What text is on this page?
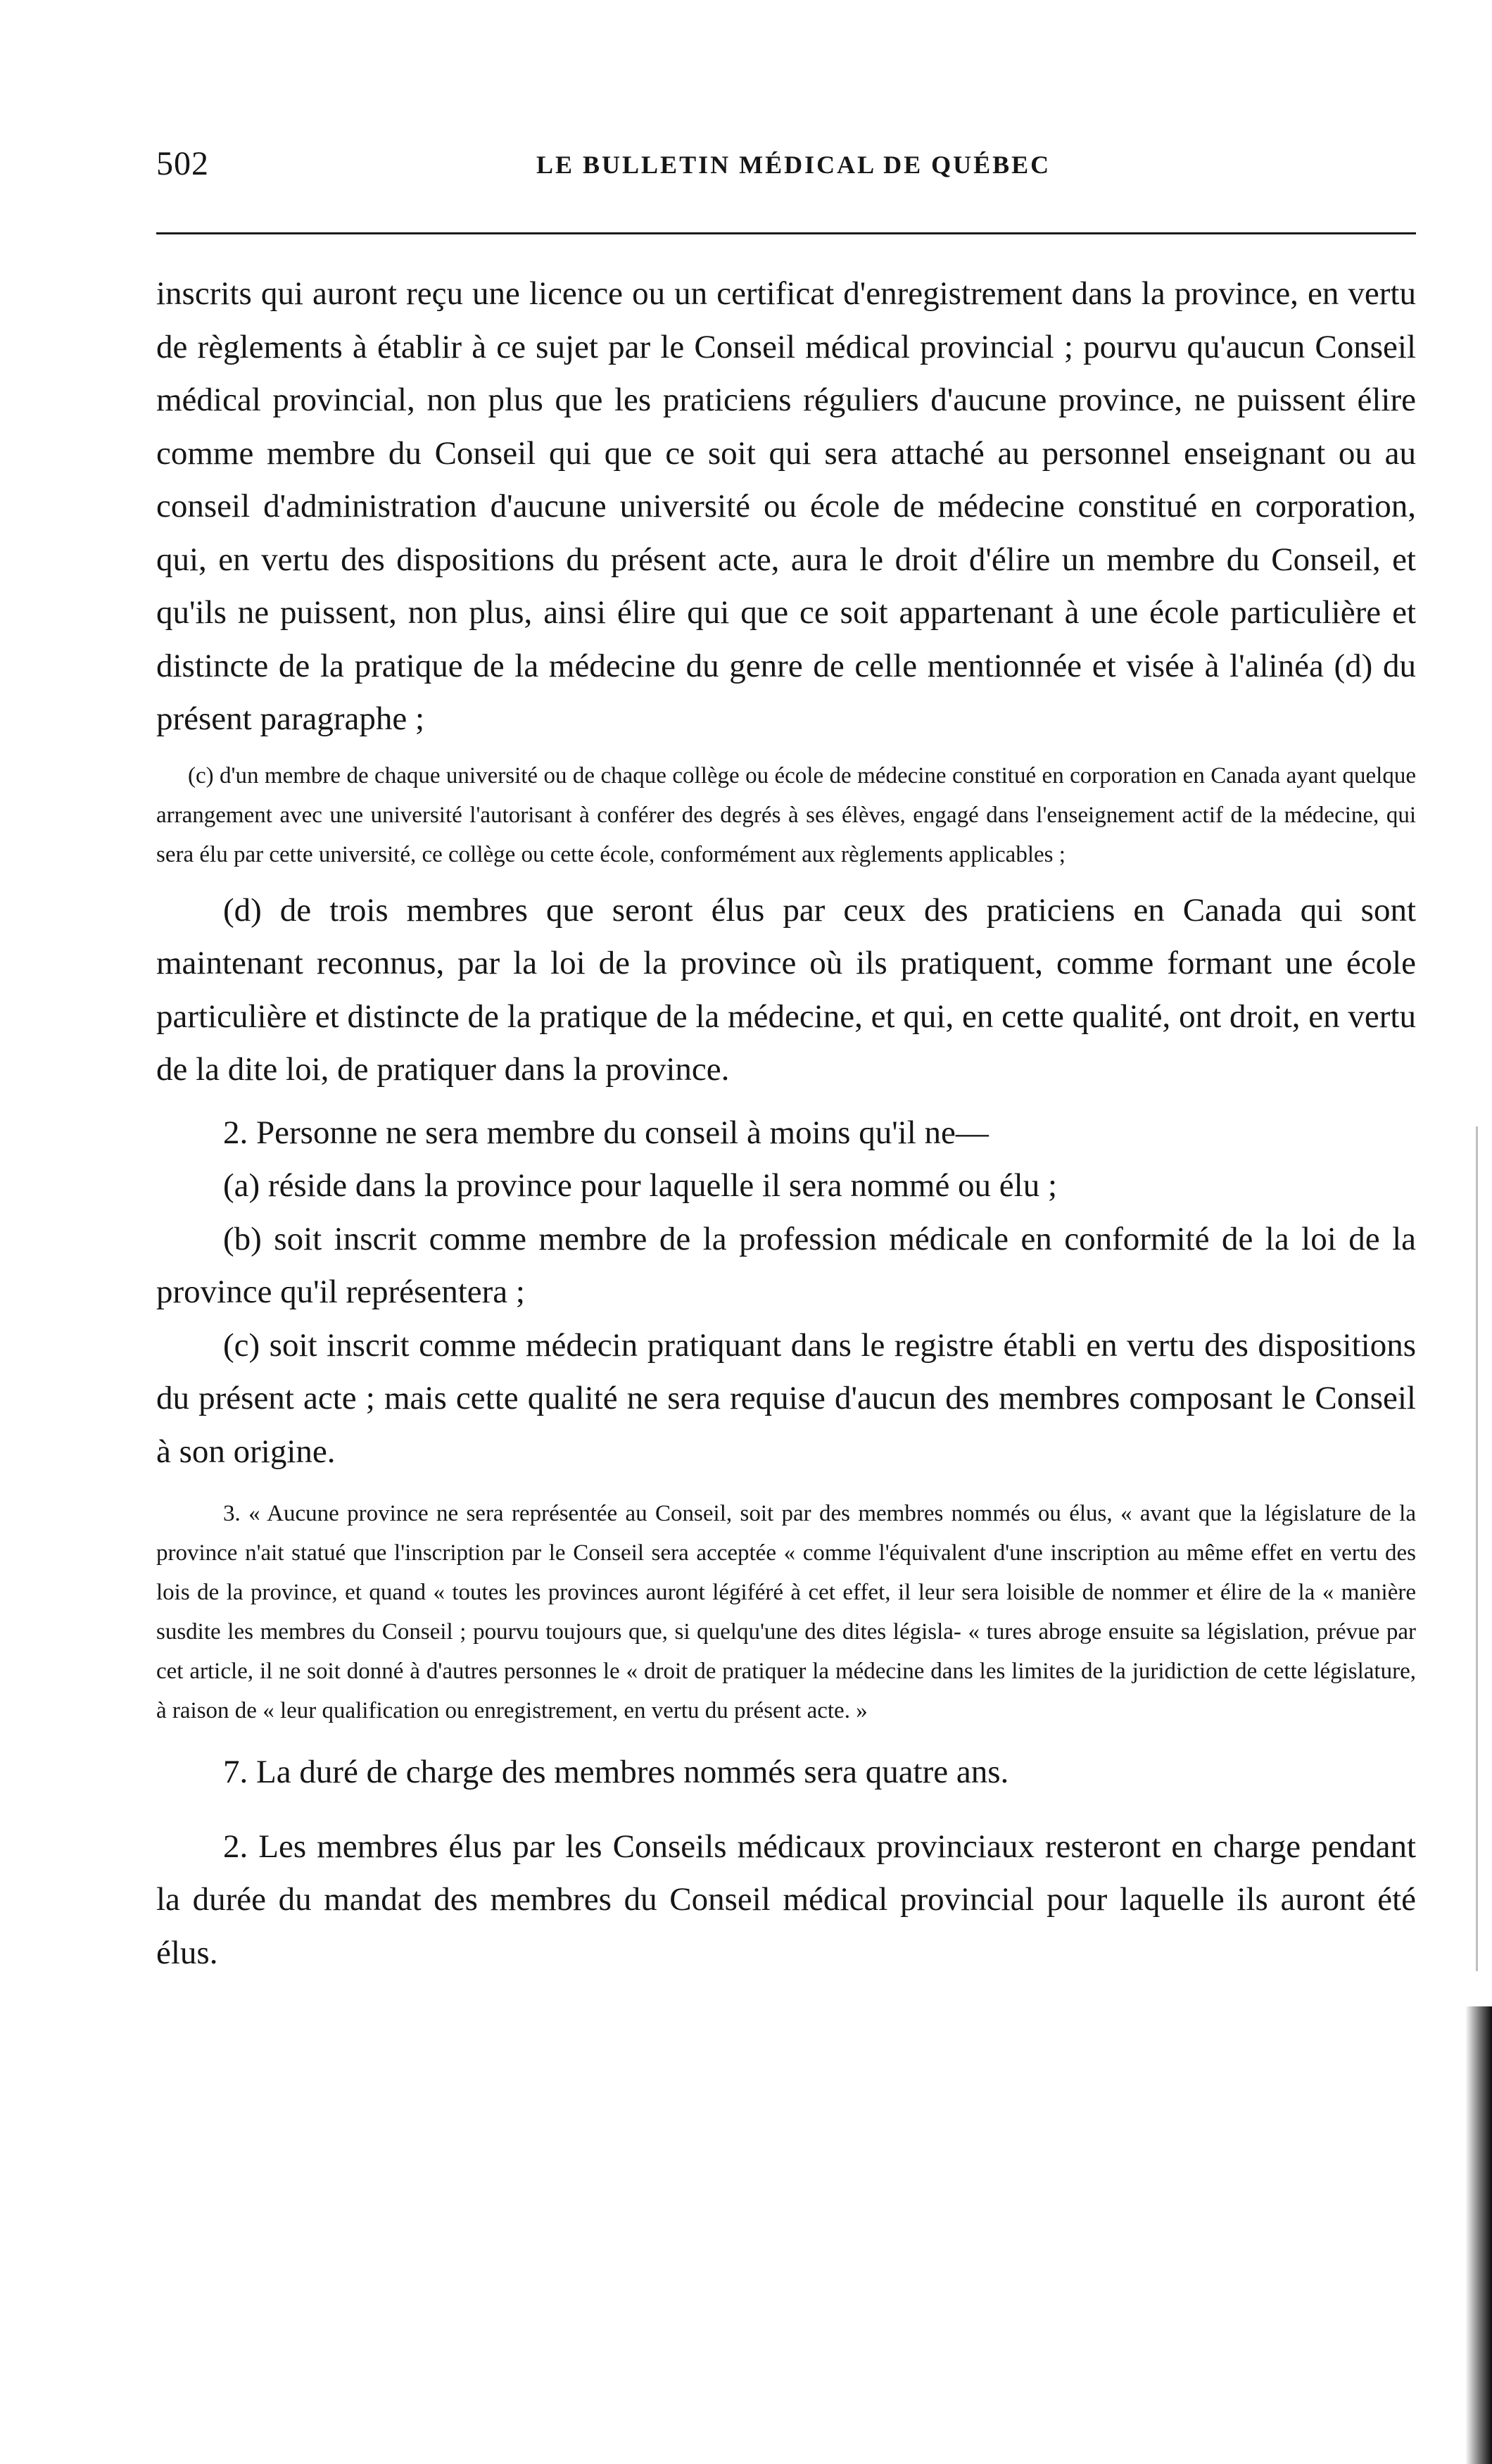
502	LE BULLETIN MÉDICAL DE QUÉBEC

inscrits qui auront reçu une licence ou un certificat d'enregistrement dans la province, en vertu de règlements à établir à ce sujet par le Conseil médical provincial ; pourvu qu'aucun Conseil médical provincial, non plus que les praticiens réguliers d'aucune province, ne puissent élire comme membre du Conseil qui que ce soit qui sera attaché au personnel enseignant ou au conseil d'administration d'aucune université ou école de médecine constitué en corporation, qui, en vertu des dispositions du présent acte, aura le droit d'élire un membre du Conseil, et qu'ils ne puissent, non plus, ainsi élire qui que ce soit appartenant à une école particulière et distincte de la pratique de la médecine du genre de celle mentionnée et visée à l'alinéa (d) du présent paragraphe ;

(c) d'un membre de chaque université ou de chaque collège ou école de médecine constitué en corporation en Canada ayant quelque arrangement avec une université l'autorisant à conférer des degrés à ses élèves, engagé dans l'enseignement actif de la médecine, qui sera élu par cette université, ce collège ou cette école, conformément aux règlements applicables ;

(d) de trois membres que seront élus par ceux des praticiens en Canada qui sont maintenant reconnus, par la loi de la province où ils pratiquent, comme formant une école particulière et distincte de la pratique de la médecine, et qui, en cette qualité, ont droit, en vertu de la dite loi, de pratiquer dans la province.

2. Personne ne sera membre du conseil à moins qu'il ne—

(a) réside dans la province pour laquelle il sera nommé ou élu ;

(b) soit inscrit comme membre de la profession médicale en conformité de la loi de la province qu'il représentera ;

(c) soit inscrit comme médecin pratiquant dans le registre établi en vertu des dispositions du présent acte ; mais cette qualité ne sera requise d'aucun des membres composant le Conseil à son origine.

3. « Aucune province ne sera représentée au Conseil, soit par des membres nommés ou élus, « avant que la législature de la province n'ait statué que l'inscription par le Conseil sera acceptée « comme l'équivalent d'une inscription au même effet en vertu des lois de la province, et quand « toutes les provinces auront légiféré à cet effet, il leur sera loisible de nommer et élire de la « manière susdite les membres du Conseil ; pourvu toujours que, si quelqu'une des dites législa- « tures abroge ensuite sa législation, prévue par cet article, il ne soit donné à d'autres personnes le « droit de pratiquer la médecine dans les limites de la juridiction de cette législature, à raison de « leur qualification ou enregistrement, en vertu du présent acte. »

7. La duré de charge des membres nommés sera quatre ans.

2. Les membres élus par les Conseils médicaux provinciaux resteront en charge pendant la durée du mandat des membres du Conseil médical provincial pour laquelle ils auront été élus.
